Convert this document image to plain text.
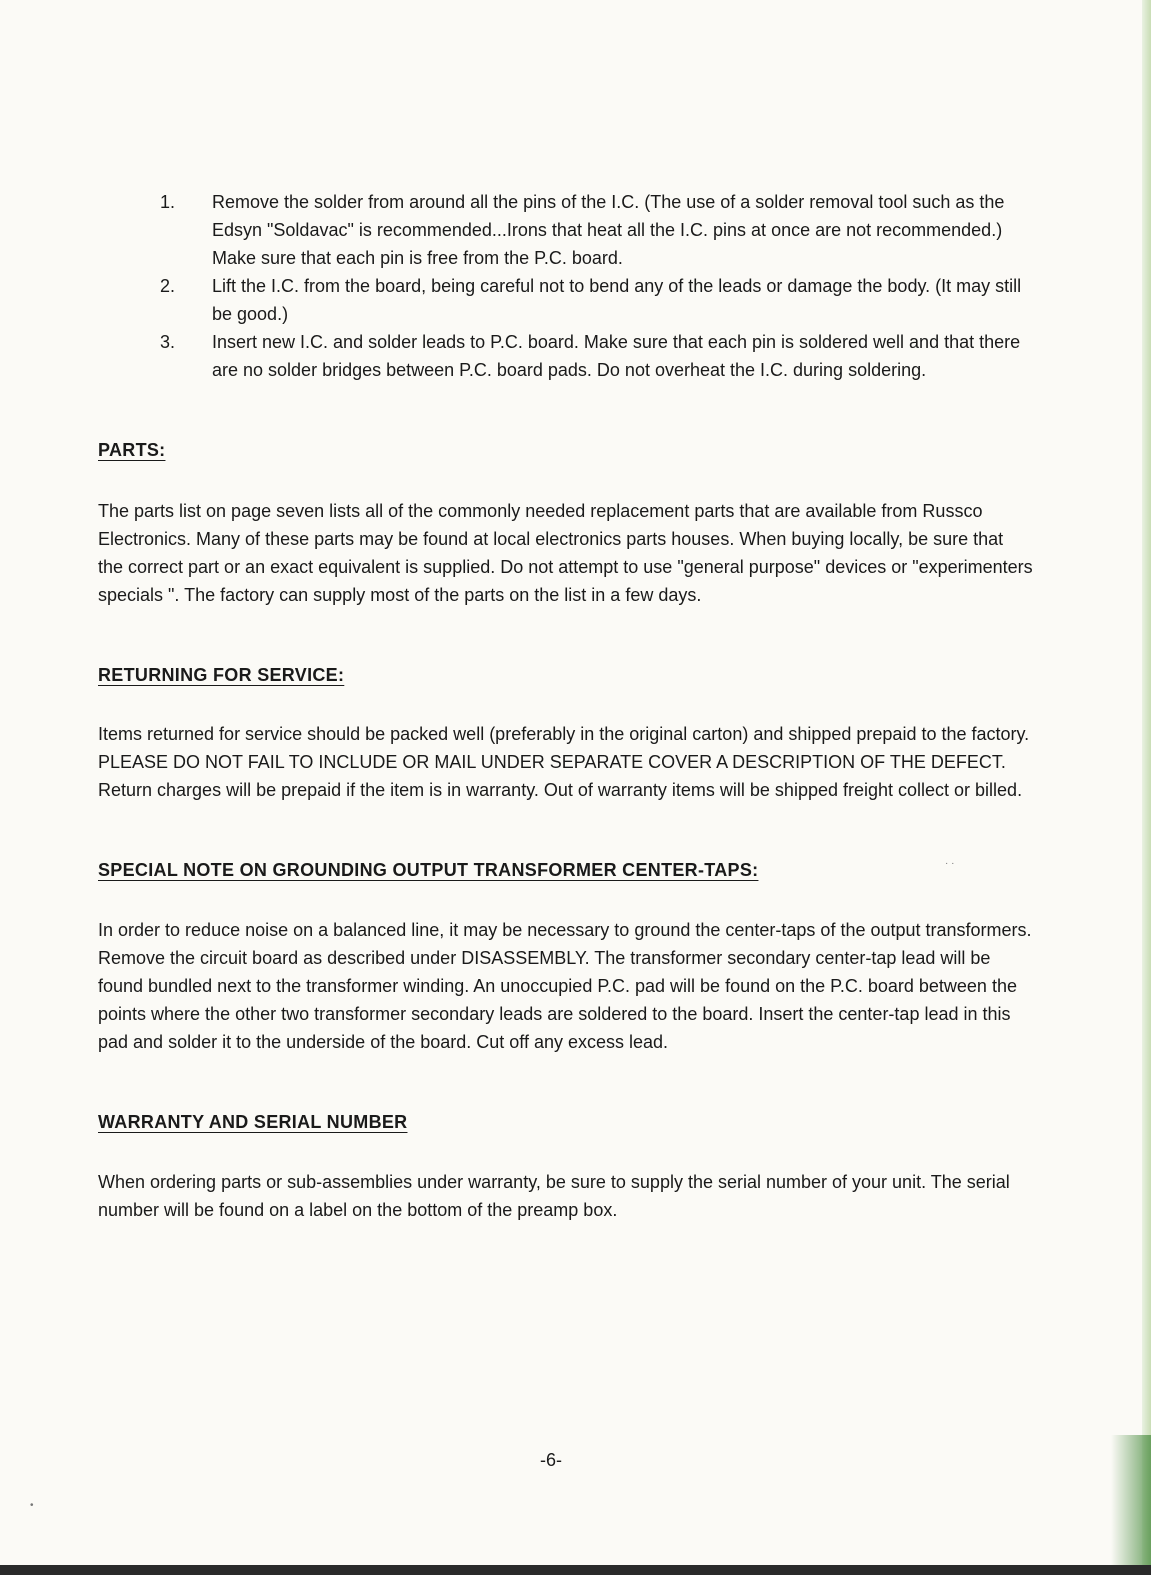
1. Remove the solder from around all the pins of the I.C. (The use of a solder removal tool such as the Edsyn "Soldavac" is recommended...Irons that heat all the I.C. pins at once are not recommended.) Make sure that each pin is free from the P.C. board.
2. Lift the I.C. from the board, being careful not to bend any of the leads or damage the body. (It may still be good.)
3. Insert new I.C. and solder leads to P.C. board. Make sure that each pin is soldered well and that there are no solder bridges between P.C. board pads. Do not overheat the I.C. during soldering.
PARTS:

The parts list on page seven lists all of the commonly needed replacement parts that are available from Russco Electronics. Many of these parts may be found at local electronics parts houses. When buying locally, be sure that the correct part or an exact equivalent is supplied. Do not attempt to use "general purpose" devices or "experimenters specials ". The factory can supply most of the parts on the list in a few days.

RETURNING FOR SERVICE:

Items returned for service should be packed well (preferably in the original carton) and shipped prepaid to the factory. PLEASE DO NOT FAIL TO INCLUDE OR MAIL UNDER SEPARATE COVER A DESCRIPTION OF THE DEFECT. Return charges will be prepaid if the item is in warranty. Out of warranty items will be shipped freight collect or billed.

SPECIAL NOTE ON GROUNDING OUTPUT TRANSFORMER CENTER-TAPS:

In order to reduce noise on a balanced line, it may be necessary to ground the center-taps of the output transformers. Remove the circuit board as described under DISASSEMBLY. The transformer secondary center-tap lead will be found bundled next to the transformer winding. An unoccupied P.C. pad will be found on the P.C. board between the points where the other two transformer secondary leads are soldered to the board. Insert the center-tap lead in this pad and solder it to the underside of the board. Cut off any excess lead.

WARRANTY AND SERIAL NUMBER

When ordering parts or sub-assemblies under warranty, be sure to supply the serial number of your unit. The serial number will be found on a label on the bottom of the preamp box.

-6-
· ·
•
